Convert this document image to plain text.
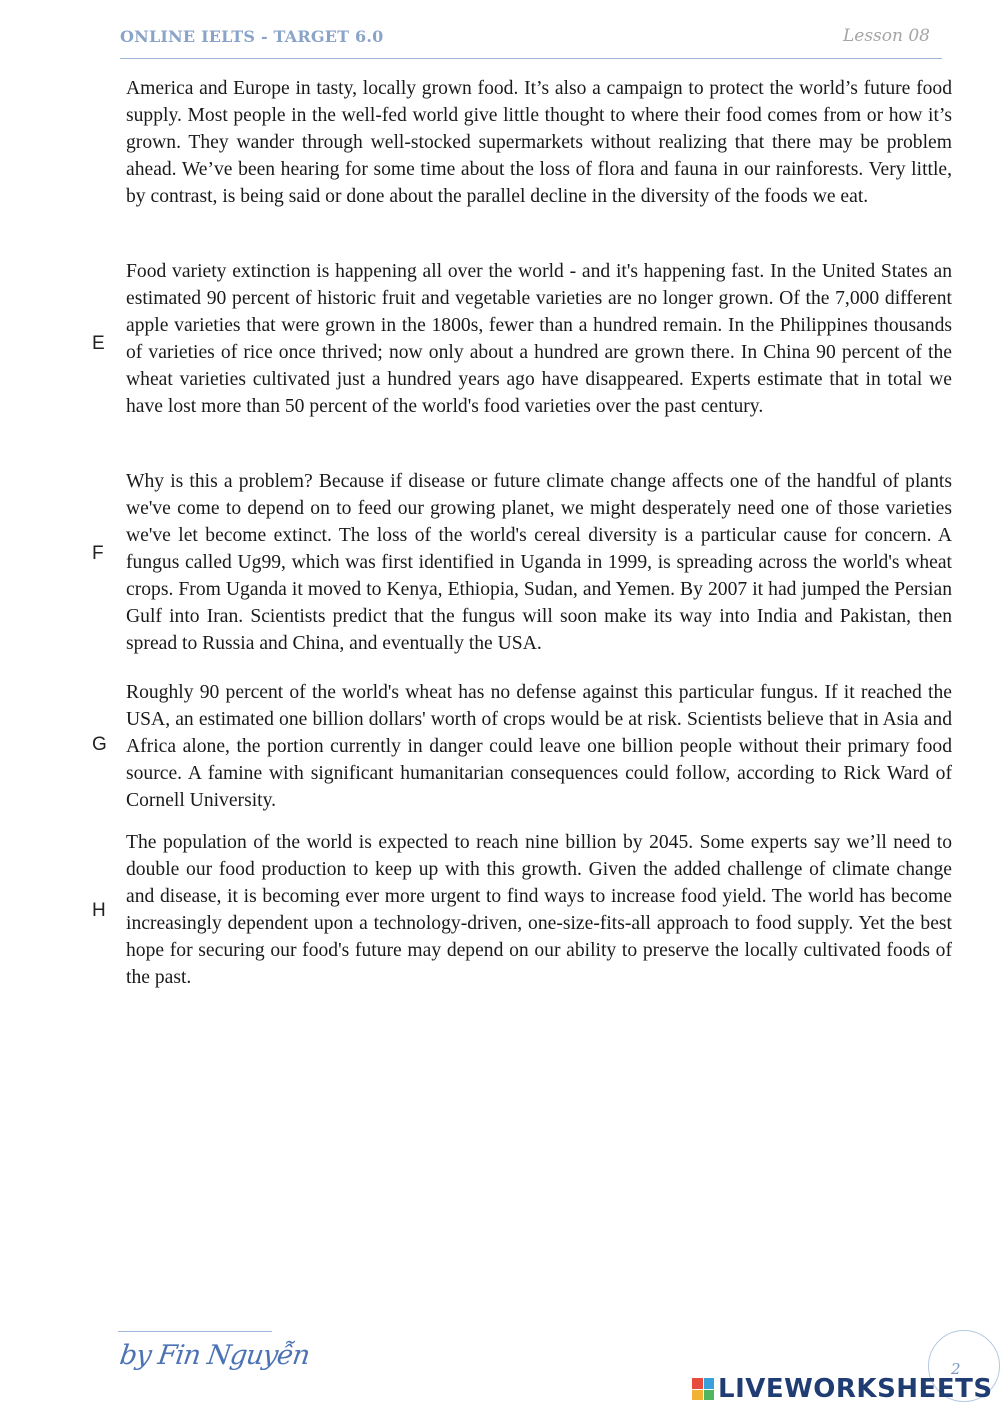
ONLINE IELTS - TARGET 6.0	Lesson 08

America and Europe in tasty, locally grown food. It’s also a campaign to protect the world’s future food supply. Most people in the well-fed world give little thought to where their food comes from or how it’s grown. They wander through well-stocked supermarkets without realizing that there may be problem ahead. We’ve been hearing for some time about the loss of flora and fauna in our rainforests. Very little, by contrast, is being said or done about the parallel decline in the diversity of the foods we eat.

E

Food variety extinction is happening all over the world - and it's happening fast. In the United States an estimated 90 percent of historic fruit and vegetable varieties are no longer grown. Of the 7,000 different apple varieties that were grown in the 1800s, fewer than a hundred remain. In the Philippines thousands of varieties of rice once thrived; now only about a hundred are grown there. In China 90 percent of the wheat varieties cultivated just a hundred years ago have disappeared. Experts estimate that in total we have lost more than 50 percent of the world's food varieties over the past century.

F

Why is this a problem? Because if disease or future climate change affects one of the handful of plants we've come to depend on to feed our growing planet, we might desperately need one of those varieties we've let become extinct. The loss of the world's cereal diversity is a particular cause for concern. A fungus called Ug99, which was first identified in Uganda in 1999, is spreading across the world's wheat crops. From Uganda it moved to Kenya, Ethiopia, Sudan, and Yemen. By 2007 it had jumped the Persian Gulf into Iran. Scientists predict that the fungus will soon make its way into India and Pakistan, then spread to Russia and China, and eventually the USA.

G

Roughly 90 percent of the world's wheat has no defense against this particular fungus. If it reached the USA, an estimated one billion dollars' worth of crops would be at risk. Scientists believe that in Asia and Africa alone, the portion currently in danger could leave one billion people without their primary food source. A famine with significant humanitarian consequences could follow, according to Rick Ward of Cornell University.

H

The population of the world is expected to reach nine billion by 2045. Some experts say we’ll need to double our food production to keep up with this growth. Given the added challenge of climate change and disease, it is becoming ever more urgent to find ways to increase food yield. The world has become increasingly dependent upon a technology-driven, one-size-fits-all approach to food supply. Yet the best hope for securing our food's future may depend on our ability to preserve the locally cultivated foods of the past.

by Fin Nguyễn	2
LIVEWORKSHEETS
